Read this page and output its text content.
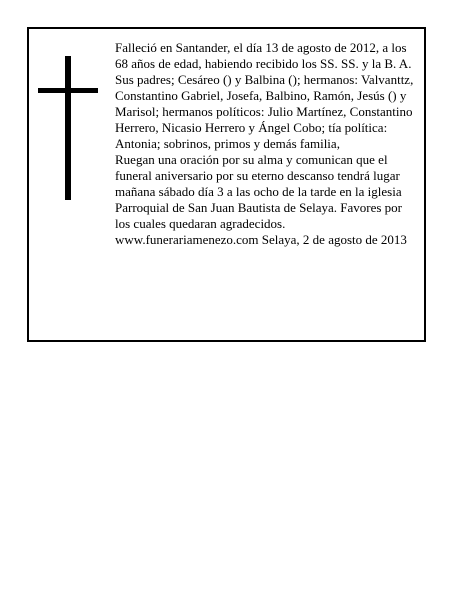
Falleció en Santander, el día 13 de agosto de 2012, a los 68 años de edad, habiendo recibido los SS. SS. y la B. A.

Sus padres; Cesáreo () y Balbina (); hermanos: Valvanttz, Constantino Gabriel, Josefa, Balbino, Ramón, Jesús () y Marisol; hermanos políticos: Julio Martínez, Constantino Herrero, Nicasio Herrero y Ángel Cobo; tía política: Antonia; sobrinos, primos y demás familia,

Ruegan una oración por su alma y comunican que el funeral aniversario por su eterno descanso tendrá lugar mañana sábado día 3 a las ocho de la tarde en la iglesia Parroquial de San Juan Bautista de Selaya. Favores por los cuales quedaran agradecidos.

www.funerariamenezo.com Selaya, 2 de agosto de 2013
